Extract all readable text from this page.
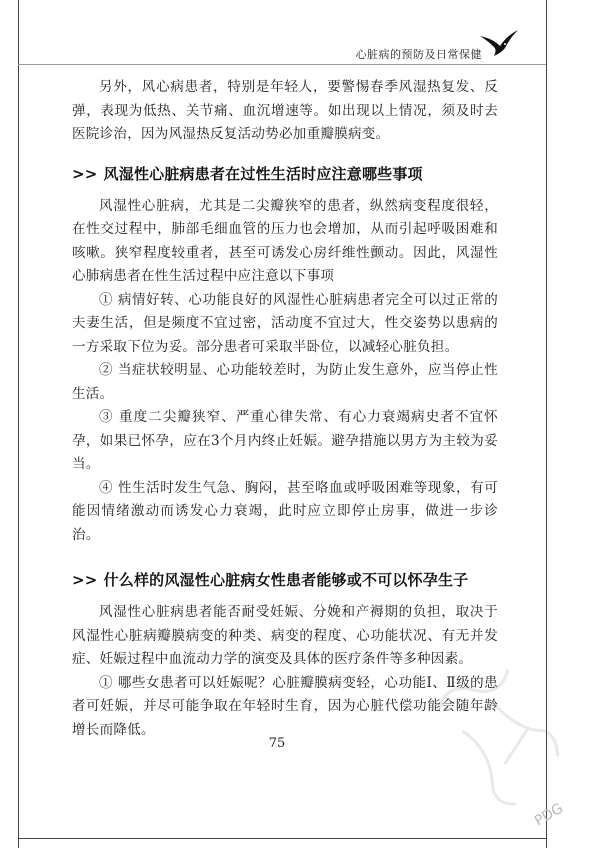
心脏病的预防及日常保健

另外，风心病患者，特别是年轻人，要警惕春季风湿热复发、反弹，表现为低热、关节痛、血沉增速等。如出现以上情况，须及时去医院诊治，因为风湿热反复活动势必加重瓣膜病变。

>> 风湿性心脏病患者在过性生活时应注意哪些事项

风湿性心脏病，尤其是二尖瓣狭窄的患者，纵然病变程度很轻，在性交过程中，肺部毛细血管的压力也会增加，从而引起呼吸困难和咳嗽。狭窄程度较重者，甚至可诱发心房纤维性颤动。因此，风湿性心肺病患者在性生活过程中应注意以下事项

① 病情好转、心功能良好的风湿性心脏病患者完全可以过正常的夫妻生活，但是频度不宜过密，活动度不宜过大，性交姿势以患病的一方采取下位为妥。部分患者可采取半卧位，以减轻心脏负担。

② 当症状较明显、心功能较差时，为防止发生意外，应当停止性生活。

③ 重度二尖瓣狭窄、严重心律失常、有心力衰竭病史者不宜怀孕，如果已怀孕，应在3个月内终止妊娠。避孕措施以男方为主较为妥当。

④ 性生活时发生气急、胸闷，甚至咯血或呼吸困难等现象，有可能因情绪激动而诱发心力衰竭，此时应立即停止房事，做进一步诊治。

>> 什么样的风湿性心脏病女性患者能够或不可以怀孕生子

风湿性心脏病患者能否耐受妊娠、分娩和产褥期的负担，取决于风湿性心脏病瓣膜病变的种类、病变的程度、心功能状况、有无并发症、妊娠过程中血流动力学的演变及具体的医疗条件等多种因素。

① 哪些女患者可以妊娠呢？心脏瓣膜病变轻，心功能Ⅰ、Ⅱ级的患者可妊娠，并尽可能争取在年轻时生育，因为心脏代偿功能会随年龄增长而降低。

75
PDG
